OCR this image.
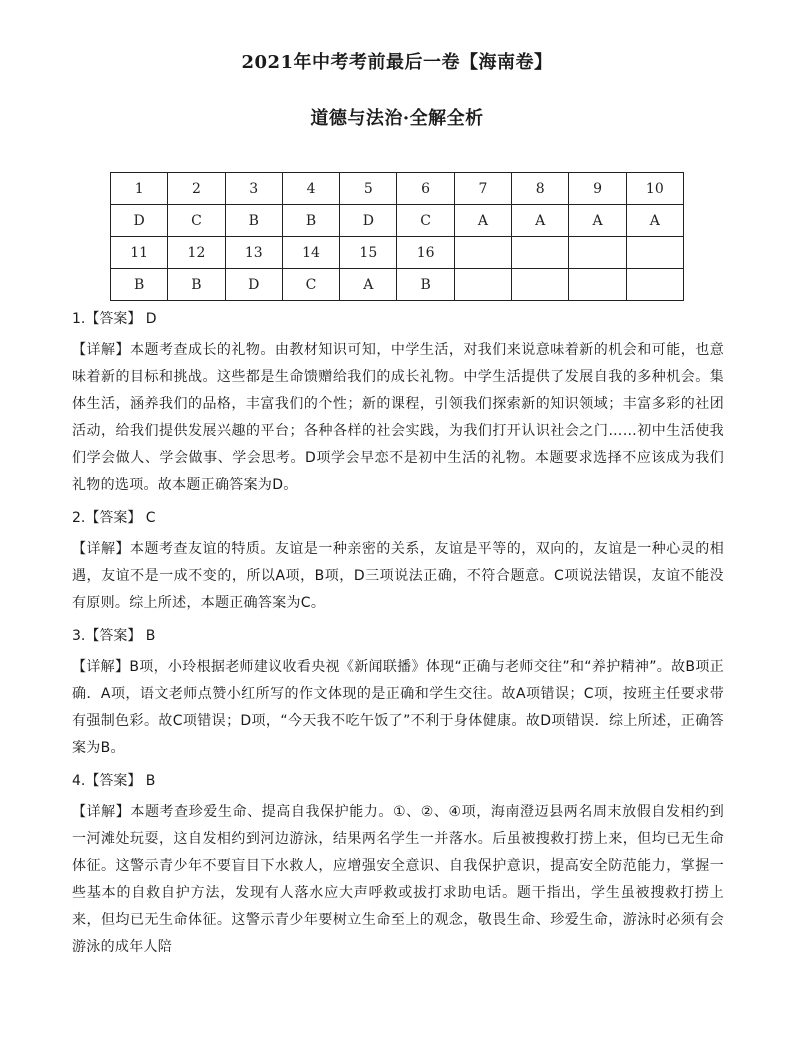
2021年中考考前最后一卷【海南卷】
道德与法治·全解全析
1	2	3	4	5	6	7	8	9	10
D	C	B	B	D	C	A	A	A	A
11	12	13	14	15	16				
B	B	D	C	A	B				
1.【答案】 D
【详解】本题考查成长的礼物。由教材知识可知，中学生活，对我们来说意味着新的机会和可能，也意味着新的目标和挑战。这些都是生命馈赠给我们的成长礼物。中学生活提供了发展自我的多种机会。集体生活，涵养我们的品格，丰富我们的个性；新的课程，引领我们探索新的知识领域；丰富多彩的社团活动，给我们提供发展兴趣的平台；各种各样的社会实践，为我们打开认识社会之门……初中生活使我们学会做人、学会做事、学会思考。D项学会早恋不是初中生活的礼物。本题要求选择不应该成为我们礼物的选项。故本题正确答案为D。
2.【答案】 C
【详解】本题考查友谊的特质。友谊是一种亲密的关系，友谊是平等的，双向的，友谊是一种心灵的相遇，友谊不是一成不变的，所以A项，B项，D三项说法正确，不符合题意。C项说法错误，友谊不能没有原则。综上所述，本题正确答案为C。
3.【答案】 B
【详解】B项，小玲根据老师建议收看央视《新闻联播》体现“正确与老师交往”和“养护精神”。故B项正确．A项，语文老师点赞小红所写的作文体现的是正确和学生交往。故A项错误；C项，按班主任要求带有强制色彩。故C项错误；D项，“今天我不吃午饭了”不利于身体健康。故D项错误．综上所述，正确答案为B。
4.【答案】 B
【详解】本题考查珍爱生命、提高自我保护能力。①、②、④项，海南澄迈县两名周末放假自发相约到一河滩处玩耍，这自发相约到河边游泳，结果两名学生一并落水。后虽被搜救打捞上来，但均已无生命体征。这警示青少年不要盲目下水救人，应增强安全意识、自我保护意识，提高安全防范能力，掌握一些基本的自救自护方法，发现有人落水应大声呼救或拔打求助电话。题干指出，学生虽被搜救打捞上来，但均已无生命体征。这警示青少年要树立生命至上的观念，敬畏生命、珍爱生命，游泳时必须有会游泳的成年人陪
